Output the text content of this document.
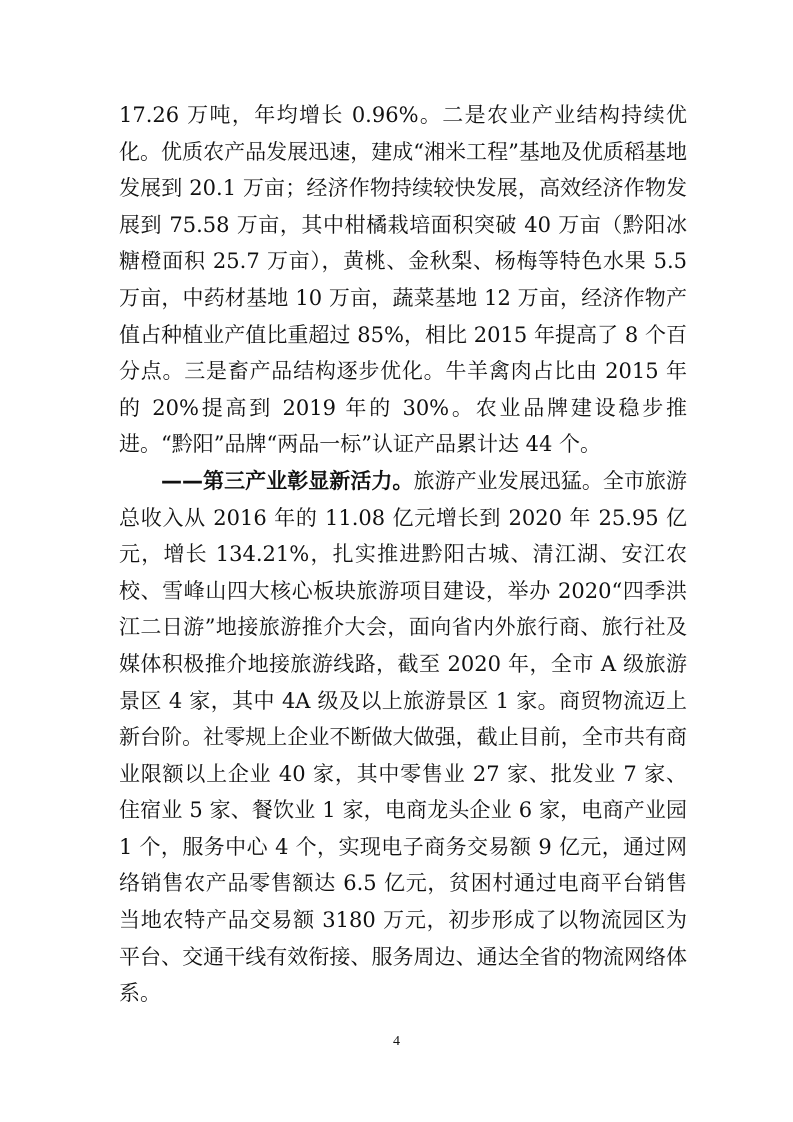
17.26 万吨，年均增长 0.96%。二是农业产业结构持续优化。优质农产品发展迅速，建成“湘米工程”基地及优质稻基地发展到 20.1 万亩；经济作物持续较快发展，高效经济作物发展到 75.58 万亩，其中柑橘栽培面积突破 40 万亩（黔阳冰糖橙面积 25.7 万亩），黄桃、金秋梨、杨梅等特色水果 5.5 万亩，中药材基地 10 万亩，蔬菜基地 12 万亩，经济作物产值占种植业产值比重超过 85%，相比 2015 年提高了 8 个百分点。三是畜产品结构逐步优化。牛羊禽肉占比由 2015 年的 20%提高到 2019 年的 30%。农业品牌建设稳步推进。“黔阳”品牌“两品一标”认证产品累计达 44 个。

——第三产业彰显新活力。旅游产业发展迅猛。全市旅游总收入从 2016 年的 11.08 亿元增长到 2020 年 25.95 亿元，增长 134.21%，扎实推进黔阳古城、清江湖、安江农校、雪峰山四大核心板块旅游项目建设，举办 2020“四季洪江二日游”地接旅游推介大会，面向省内外旅行商、旅行社及媒体积极推介地接旅游线路，截至 2020 年，全市 A 级旅游景区 4 家，其中 4A 级及以上旅游景区 1 家。商贸物流迈上新台阶。社零规上企业不断做大做强，截止目前，全市共有商业限额以上企业 40 家，其中零售业 27 家、批发业 7 家、住宿业 5 家、餐饮业 1 家，电商龙头企业 6 家，电商产业园 1 个，服务中心 4 个，实现电子商务交易额 9 亿元，通过网络销售农产品零售额达 6.5 亿元，贫困村通过电商平台销售当地农特产品交易额 3180 万元，初步形成了以物流园区为平台、交通干线有效衔接、服务周边、通达全省的物流网络体系。

4
